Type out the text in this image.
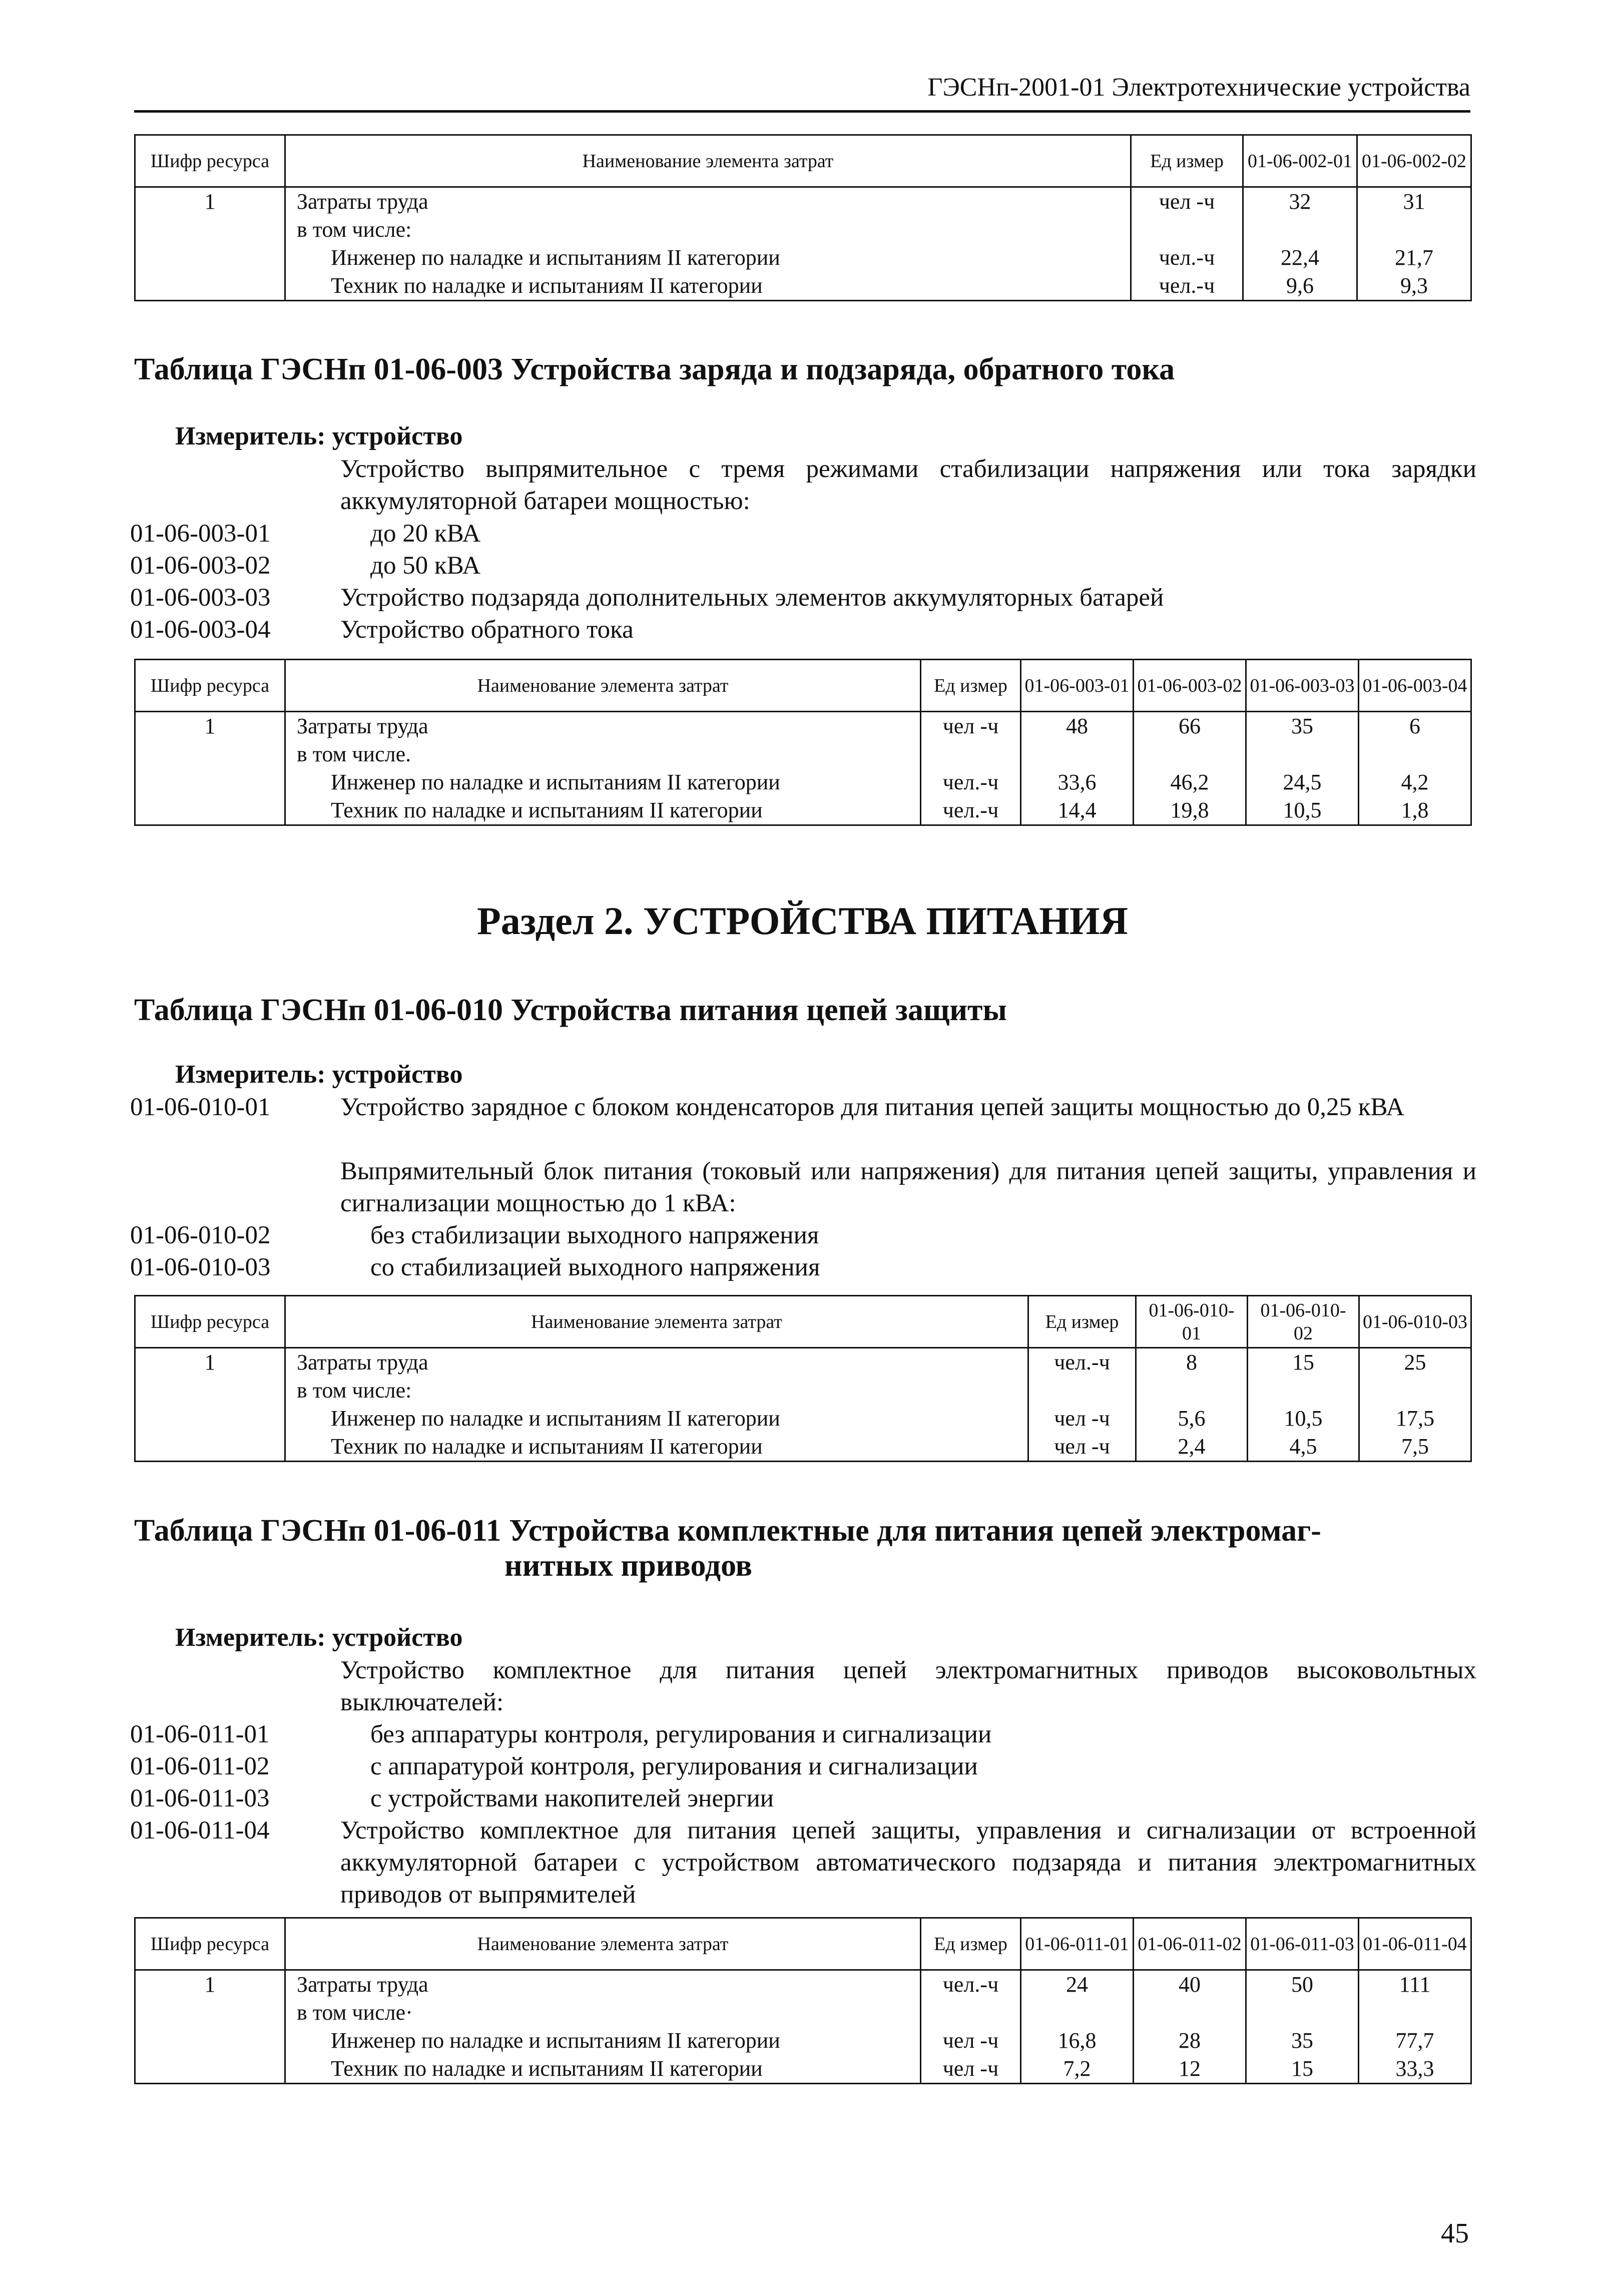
ГЭСНп-2001-01 Электротехнические устройства
Шифр ресурса	Наименование элемента затрат	Ед измер	01-06-002-01	01-06-002-02
1	Затраты труда	чел -ч	32	31
	в том числе:			
	Инженер по наладке и испытаниям II категории	чел.-ч	22,4	21,7
	Техник по наладке и испытаниям II категории	чел.-ч	9,6	9,3
Таблица ГЭСНп 01-06-003 Устройства заряда и подзаряда, обратного тока
Измеритель: устройство
Устройство выпрямительное с тремя режимами стабилизации напряжения или тока зарядки аккумуляторной батареи мощностью:
01-06-003-01	до 20 кВА
01-06-003-02	до 50 кВА
01-06-003-03	Устройство подзаряда дополнительных элементов аккумуляторных батарей
01-06-003-04	Устройство обратного тока
Шифр ресурса	Наименование элемента затрат	Ед измер	01-06-003-01	01-06-003-02	01-06-003-03	01-06-003-04
1	Затраты труда	чел -ч	48	66	35	6
	в том числе.					
	Инженер по наладке и испытаниям II категории	чел.-ч	33,6	46,2	24,5	4,2
	Техник по наладке и испытаниям II категории	чел.-ч	14,4	19,8	10,5	1,8
Раздел 2. УСТРОЙСТВА ПИТАНИЯ
Таблица ГЭСНп 01-06-010 Устройства питания цепей защиты
Измеритель: устройство
01-06-010-01	Устройство зарядное с блоком конденсаторов для питания цепей защиты мощностью до 0,25 кВА
Выпрямительный блок питания (токовый или напряжения) для питания цепей защиты, управления и сигнализации мощностью до 1 кВА:
01-06-010-02	без стабилизации выходного напряжения
01-06-010-03	со стабилизацией выходного напряжения
Шифр ресурса	Наименование элемента затрат	Ед измер	01-06-010-01	01-06-010-02	01-06-010-03
1	Затраты труда	чел.-ч	8	15	25
	в том числе:				
	Инженер по наладке и испытаниям II категории	чел -ч	5,6	10,5	17,5
	Техник по наладке и испытаниям II категории	чел -ч	2,4	4,5	7,5
Таблица ГЭСНп 01-06-011 Устройства комплектные для питания цепей электромаг-
нитных приводов
Измеритель: устройство
Устройство комплектное для питания цепей электромагнитных приводов высоковольтных выключателей:
01-06-011-01	без аппаратуры контроля, регулирования и сигнализации
01-06-011-02	с аппаратурой контроля, регулирования и сигнализации
01-06-011-03	с устройствами накопителей энергии
01-06-011-04	Устройство комплектное для питания цепей защиты, управления и сигнализации от встроенной аккумуляторной батареи с устройством автоматического подзаряда и питания электромагнитных приводов от выпрямителей
Шифр ресурса	Наименование элемента затрат	Ед измер	01-06-011-01	01-06-011-02	01-06-011-03	01-06-011-04
1	Затраты труда	чел.-ч	24	40	50	111
	в том числе·					
	Инженер по наладке и испытаниям II категории	чел -ч	16,8	28	35	77,7
	Техник по наладке и испытаниям II категории	чел -ч	7,2	12	15	33,3
45
